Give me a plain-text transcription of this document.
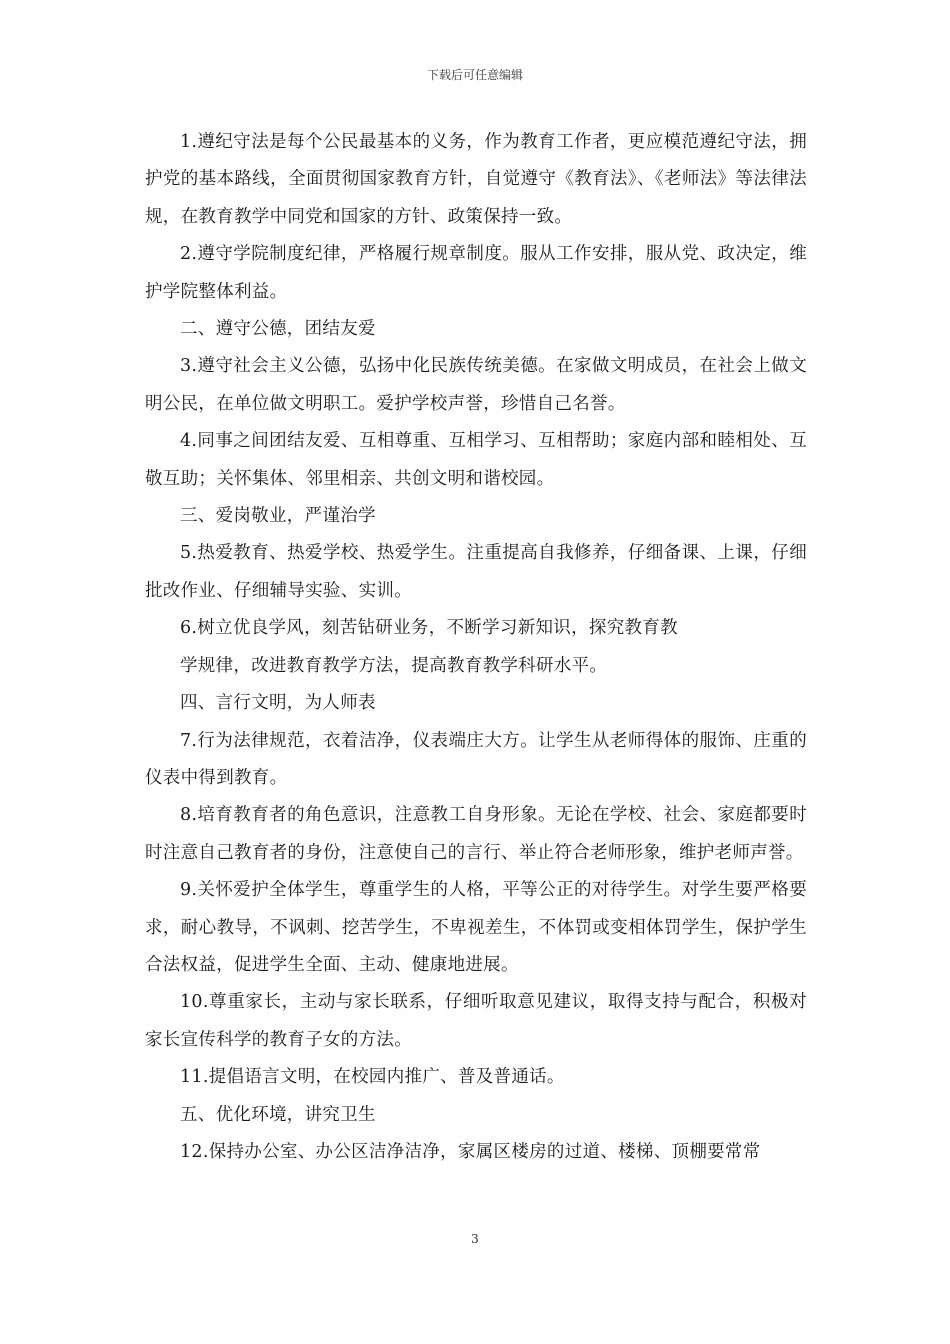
下载后可任意编辑

1.遵纪守法是每个公民最基本的义务，作为教育工作者，更应模范遵纪守法，拥护党的基本路线，全面贯彻国家教育方针，自觉遵守《教育法》、《老师法》等法律法规，在教育教学中同党和国家的方针、政策保持一致。

2.遵守学院制度纪律，严格履行规章制度。服从工作安排，服从党、政决定，维护学院整体利益。

二、遵守公德，团结友爱

3.遵守社会主义公德，弘扬中化民族传统美德。在家做文明成员，在社会上做文明公民，在单位做文明职工。爱护学校声誉，珍惜自己名誉。

4.同事之间团结友爱、互相尊重、互相学习、互相帮助；家庭内部和睦相处、互敬互助；关怀集体、邻里相亲、共创文明和谐校园。

三、爱岗敬业，严谨治学

5.热爱教育、热爱学校、热爱学生。注重提高自我修养，仔细备课、上课，仔细批改作业、仔细辅导实验、实训。

6.树立优良学风，刻苦钻研业务，不断学习新知识，探究教育教

学规律，改进教育教学方法，提高教育教学科研水平。

四、言行文明，为人师表

7.行为法律规范，衣着洁净，仪表端庄大方。让学生从老师得体的服饰、庄重的仪表中得到教育。

8.培育教育者的角色意识，注意教工自身形象。无论在学校、社会、家庭都要时时注意自己教育者的身份，注意使自己的言行、举止符合老师形象，维护老师声誉。

9.关怀爱护全体学生，尊重学生的人格，平等公正的对待学生。对学生要严格要求，耐心教导，不讽刺、挖苦学生，不卑视差生，不体罚或变相体罚学生，保护学生合法权益，促进学生全面、主动、健康地进展。

10.尊重家长，主动与家长联系，仔细听取意见建议，取得支持与配合，积极对家长宣传科学的教育子女的方法。

11.提倡语言文明，在校园内推广、普及普通话。

五、优化环境，讲究卫生

12.保持办公室、办公区洁净洁净，家属区楼房的过道、楼梯、顶棚要常常

3
